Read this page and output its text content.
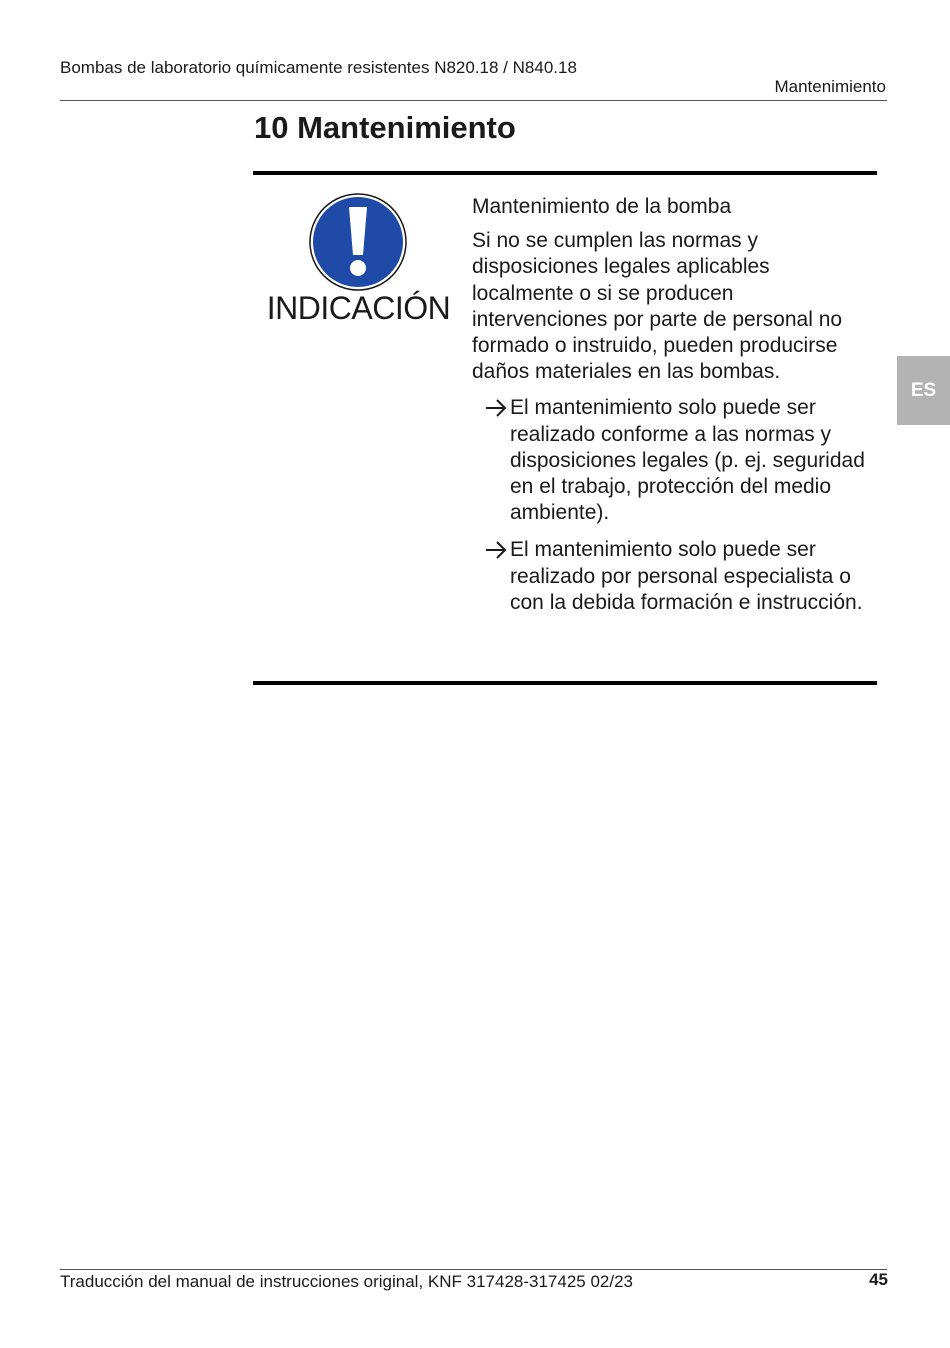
Bombas de laboratorio químicamente resistentes N820.18 / N840.18
Mantenimiento
10 Mantenimiento
INDICACIÓN

Mantenimiento de la bomba

Si no se cumplen las normas y disposiciones legales aplicables localmente o si se producen intervenciones por parte de personal no formado o instruido, pueden producirse daños materiales en las bombas.

El mantenimiento solo puede ser realizado conforme a las normas y disposiciones legales (p. ej. seguridad en el trabajo, protección del medio ambiente).
El mantenimiento solo puede ser realizado por personal especialista o con la debida formación e instrucción.
ES
Traducción del manual de instrucciones original, KNF 317428-317425 02/23	45
